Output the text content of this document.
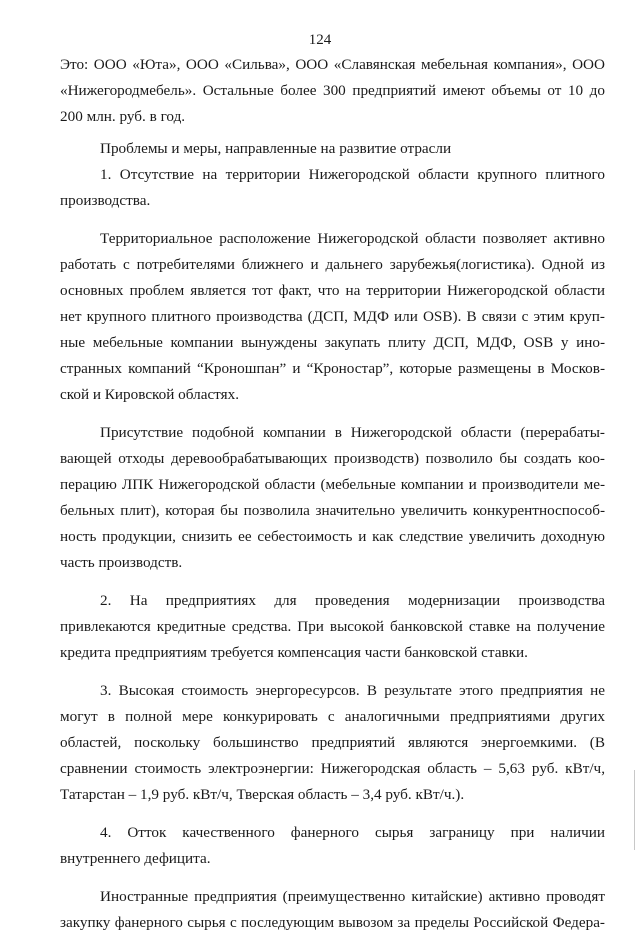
124
Это: ООО «Юта», ООО «Сильва», ООО «Славянская мебельная компания», ООО
«Нижегородмебель». Остальные более 300 предприятий имеют объемы от 10 до
200 млн. руб. в год.
Проблемы и меры, направленные на развитие отрасли
1. Отсутствие на территории Нижегородской области крупного плитного
производства.
Территориальное расположение Нижегородской области позволяет активно
работать с потребителями ближнего и дальнего зарубежья(логистика). Одной из
основных проблем является тот факт, что на территории Нижегородской области
нет крупного плитного производства (ДСП, МДФ или OSB). В связи с этим круп-
ные мебельные компании вынуждены закупать плиту ДСП, МДФ, OSB у ино-
странных компаний “Кроношпан” и “Кроностар”, которые размещены в Москов-
ской и Кировской областях.
Присутствие подобной компании в Нижегородской области (перерабаты-
вающей отходы деревообрабатывающих производств) позволило бы создать коо-
перацию ЛПК Нижегородской области (мебельные компании и производители ме-
бельных плит), которая бы позволила значительно увеличить конкурентноспособ-
ность продукции, снизить ее себестоимость и как следствие увеличить доходную
часть производств.
2. На предприятиях для проведения модернизации производства
привлекаются кредитные средства. При высокой банковской ставке на получение
кредита предприятиям требуется компенсация части банковской ставки.
3. Высокая стоимость энергоресурсов. В результате этого предприятия не
могут в полной мере конкурировать с аналогичными предприятиями других
областей, поскольку большинство предприятий являются энергоемкими. (В
сравнении стоимость электроэнергии: Нижегородская область – 5,63 руб. кВт/ч,
Татарстан – 1,9 руб. кВт/ч, Тверская область – 3,4 руб. кВт/ч.).
4. Отток качественного фанерного сырья заграницу при наличии
внутреннего дефицита.
Иностранные предприятия (преимущественно китайские) активно проводят
закупку фанерного сырья с последующим вывозом за пределы Российской Федера-
